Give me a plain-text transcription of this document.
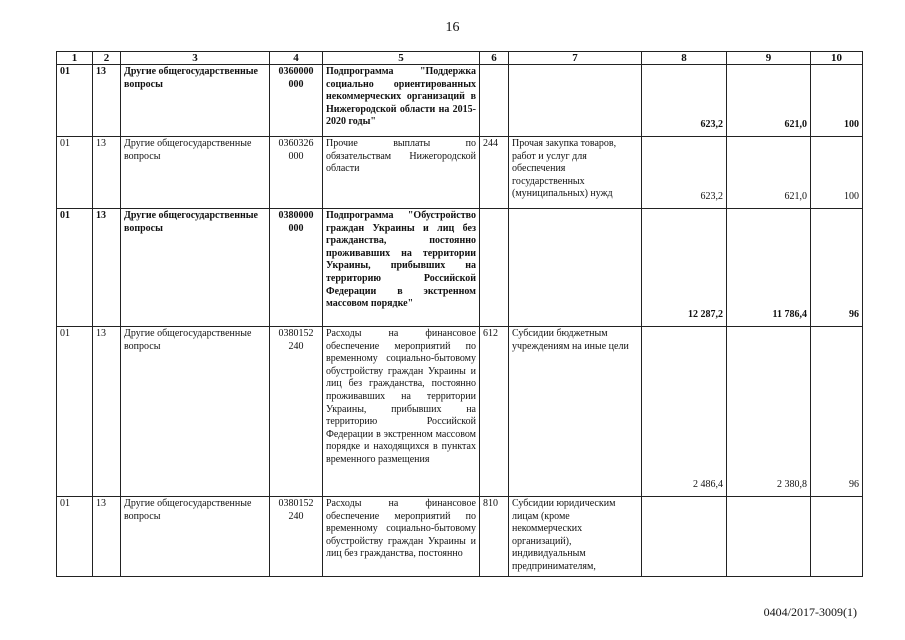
16
1	2	3	4	5	6	7	8	9	10
01	13	Другие общегосударственные вопросы	0360000 000	Подпрограмма "Поддержка социально ориентированных некоммерческих организаций в Нижегородской области на 2015-2020 годы"			623,2	621,0	100
01	13	Другие общегосударственные вопросы	0360326 000	Прочие выплаты по обязательствам Нижегородской области	244	Прочая закупка товаров, работ и услуг для обеспечения государственных (муниципальных) нужд	623,2	621,0	100
01	13	Другие общегосударственные вопросы	0380000 000	Подпрограмма "Обустройство граждан Украины и лиц без гражданства, постоянно проживавших на территории Украины, прибывших на территорию Российской Федерации в экстренном массовом порядке"			12 287,2	11 786,4	96
01	13	Другие общегосударственные вопросы	0380152 240	Расходы на финансовое обеспечение мероприятий по временному социально-бытовому обустройству граждан Украины и лиц без гражданства, постоянно проживавших на территории Украины, прибывших на территорию Российской Федерации в экстренном массовом порядке и находящихся в пунктах временного размещения	612	Субсидии бюджетным учреждениям на иные цели	2 486,4	2 380,8	96
01	13	Другие общегосударственные вопросы	0380152 240	Расходы на финансовое обеспечение мероприятий по временному социально-бытовому обустройству граждан Украины и лиц без гражданства, постоянно	810	Субсидии юридическим лицам (кроме некоммерческих организаций), индивидуальным предпринимателям,			
0404/2017-3009(1)
